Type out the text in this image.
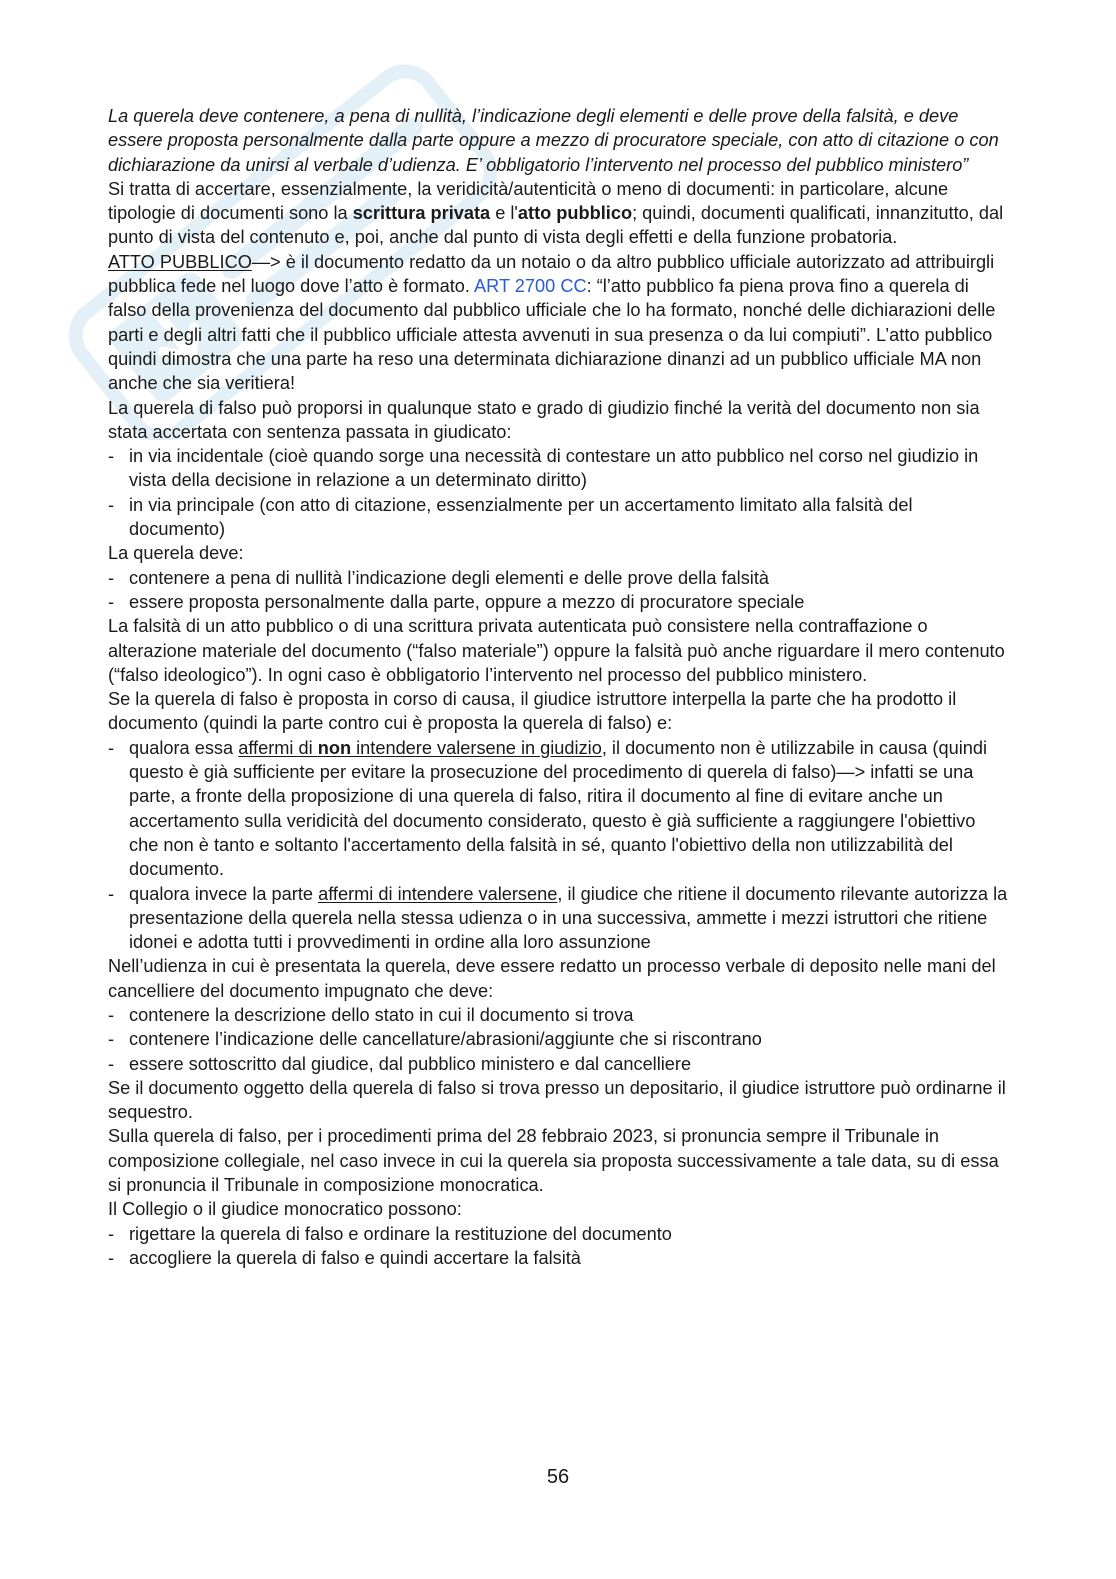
La querela deve contenere, a pena di nullità, l’indicazione degli elementi e delle prove della falsità, e deve essere proposta personalmente dalla parte oppure a mezzo di procuratore speciale, con atto di citazione o con dichiarazione da unirsi al verbale d’udienza. E’ obbligatorio l’intervento nel processo del pubblico ministero”

Si tratta di accertare, essenzialmente, la veridicità/autenticità o meno di documenti: in particolare, alcune tipologie di documenti sono la scrittura privata e l'atto pubblico; quindi, documenti qualificati, innanzitutto, dal punto di vista del contenuto e, poi, anche dal punto di vista degli effetti e della funzione probatoria.

ATTO PUBBLICO—> è il documento redatto da un notaio o da altro pubblico ufficiale autorizzato ad attribuirgli pubblica fede nel luogo dove l’atto è formato. ART 2700 CC: “l’atto pubblico fa piena prova fino a querela di falso della provenienza del documento dal pubblico ufficiale che lo ha formato, nonché delle dichiarazioni delle parti e degli altri fatti che il pubblico ufficiale attesta avvenuti in sua presenza o da lui compiuti”. L’atto pubblico quindi dimostra che una parte ha reso una determinata dichiarazione dinanzi ad un pubblico ufficiale MA non anche che sia veritiera!

La querela di falso può proporsi in qualunque stato e grado di giudizio finché la verità del documento non sia stata accertata con sentenza passata in giudicato:

- in via incidentale (cioè quando sorge una necessità di contestare un atto pubblico nel corso nel giudizio in vista della decisione in relazione a un determinato diritto)
- in via principale (con atto di citazione, essenzialmente per un accertamento limitato alla falsità del documento)

La querela deve:

- contenere a pena di nullità l’indicazione degli elementi e delle prove della falsità
- essere proposta personalmente dalla parte, oppure a mezzo di procuratore speciale

La falsità di un atto pubblico o di una scrittura privata autenticata può consistere nella contraffazione o alterazione materiale del documento (“falso materiale”) oppure la falsità può anche riguardare il mero contenuto (“falso ideologico”). In ogni caso è obbligatorio l’intervento nel processo del pubblico ministero.

Se la querela di falso è proposta in corso di causa, il giudice istruttore interpella la parte che ha prodotto il documento (quindi la parte contro cui è proposta la querela di falso) e:

- qualora essa affermi di non intendere valersene in giudizio, il documento non è utilizzabile in causa (quindi questo è già sufficiente per evitare la prosecuzione del procedimento di querela di falso)—> infatti se una parte, a fronte della proposizione di una querela di falso, ritira il documento al fine di evitare anche un accertamento sulla veridicità del documento considerato, questo è già sufficiente a raggiungere l'obiettivo che non è tanto e soltanto l'accertamento della falsità in sé, quanto l'obiettivo della non utilizzabilità del documento.
- qualora invece la parte affermi di intendere valersene, il giudice che ritiene il documento rilevante autorizza la presentazione della querela nella stessa udienza o in una successiva, ammette i mezzi istruttori che ritiene idonei e adotta tutti i provvedimenti in ordine alla loro assunzione

Nell’udienza in cui è presentata la querela, deve essere redatto un processo verbale di deposito nelle mani del cancelliere del documento impugnato che deve:

- contenere la descrizione dello stato in cui il documento si trova
- contenere l’indicazione delle cancellature/abrasioni/aggiunte che si riscontrano
- essere sottoscritto dal giudice, dal pubblico ministero e dal cancelliere

Se il documento oggetto della querela di falso si trova presso un depositario, il giudice istruttore può ordinarne il sequestro.

Sulla querela di falso, per i procedimenti prima del 28 febbraio 2023, si pronuncia sempre il Tribunale in composizione collegiale, nel caso invece in cui la querela sia proposta successivamente a tale data, su di essa si pronuncia il Tribunale in composizione monocratica.

Il Collegio o il giudice monocratico possono:

- rigettare la querela di falso e ordinare la restituzione del documento
- accogliere la querela di falso e quindi accertare la falsità
56
